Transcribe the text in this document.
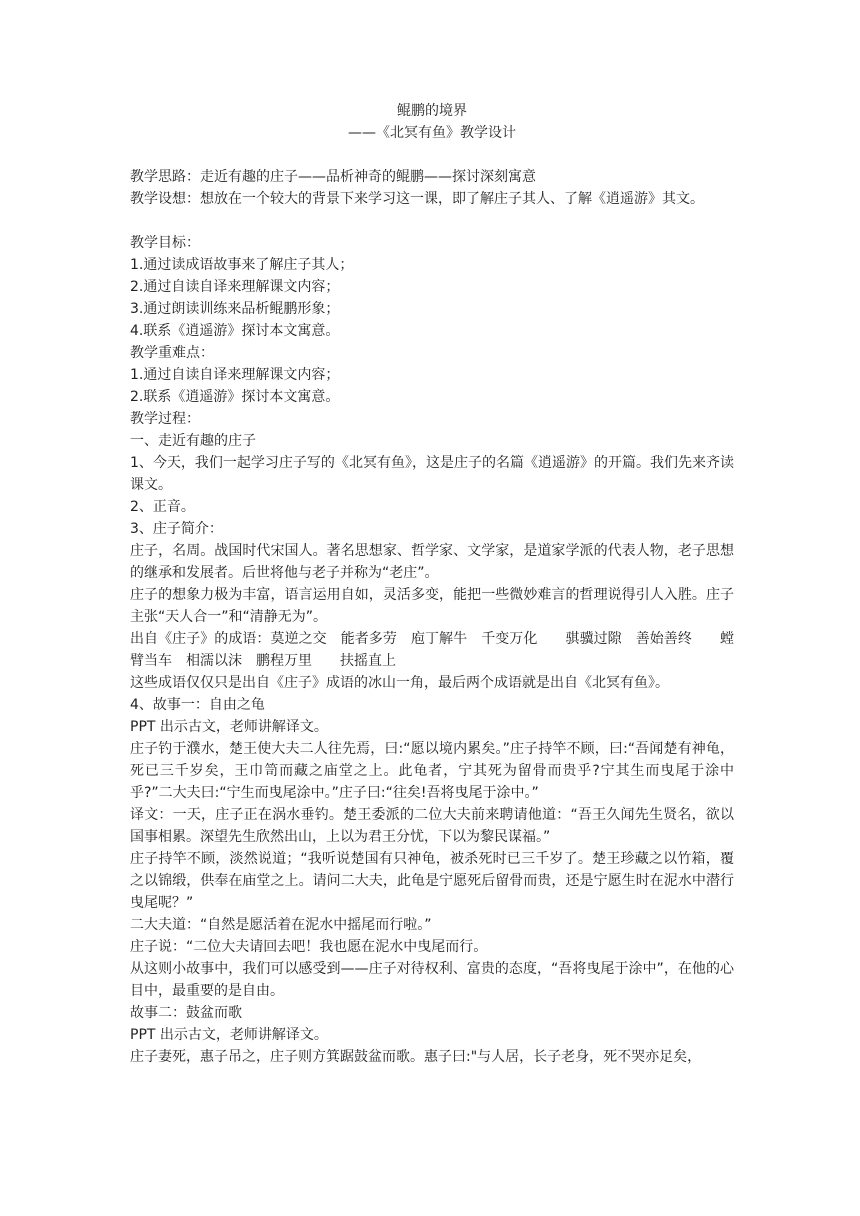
鲲鹏的境界
——《北冥有鱼》教学设计
教学思路：走近有趣的庄子——品析神奇的鲲鹏——探讨深刻寓意
教学设想：想放在一个较大的背景下来学习这一课，即了解庄子其人、了解《逍遥游》其文。
教学目标：
1.通过读成语故事来了解庄子其人；
2.通过自读自译来理解课文内容；
3.通过朗读训练来品析鲲鹏形象；
4.联系《逍遥游》探讨本文寓意。
教学重难点：
1.通过自读自译来理解课文内容；
2.联系《逍遥游》探讨本文寓意。
教学过程：
一、走近有趣的庄子
1、今天，我们一起学习庄子写的《北冥有鱼》，这是庄子的名篇《逍遥游》的开篇。我们先来齐读课文。
2、正音。
3、庄子简介：
庄子，名周。战国时代宋国人。著名思想家、哲学家、文学家，是道家学派的代表人物，老子思想的继承和发展者。后世将他与老子并称为“老庄”。
庄子的想象力极为丰富，语言运用自如，灵活多变，能把一些微妙难言的哲理说得引人入胜。庄子主张“天人合一”和“清静无为”。
出自《庄子》的成语：莫逆之交　能者多劳　庖丁解牛　千变万化　　骐骥过隙　善始善终　　螳臂当车　相濡以沫　鹏程万里　　扶摇直上
这些成语仅仅只是出自《庄子》成语的冰山一角，最后两个成语就是出自《北冥有鱼》。
4、故事一：自由之龟
PPT 出示古文，老师讲解译文。
庄子钓于濮水，楚王使大夫二人往先焉，曰:“愿以境内累矣。”庄子持竿不顾，曰:“吾闻楚有神龟，死已三千岁矣，王巾笥而藏之庙堂之上。此龟者，宁其死为留骨而贵乎?宁其生而曳尾于涂中乎?”二大夫曰:“宁生而曳尾涂中。”庄子曰:“往矣!吾将曳尾于涂中。”
译文：一天，庄子正在涡水垂钓。楚王委派的二位大夫前来聘请他道：“吾王久闻先生贤名，欲以国事相累。深望先生欣然出山，上以为君王分忧，下以为黎民谋福。”
庄子持竿不顾，淡然说道；“我听说楚国有只神龟，被杀死时已三千岁了。楚王珍藏之以竹箱，覆之以锦缎，供奉在庙堂之上。请问二大夫，此龟是宁愿死后留骨而贵，还是宁愿生时在泥水中潜行曳尾呢？”
二大夫道：“自然是愿活着在泥水中摇尾而行啦。”
庄子说：“二位大夫请回去吧！我也愿在泥水中曳尾而行。
从这则小故事中，我们可以感受到——庄子对待权利、富贵的态度，“吾将曳尾于涂中”，在他的心目中，最重要的是自由。
故事二：鼓盆而歌
PPT 出示古文，老师讲解译文。
庄子妻死，惠子吊之，庄子则方箕踞鼓盆而歌。惠子曰:"与人居，长子老身，死不哭亦足矣，
